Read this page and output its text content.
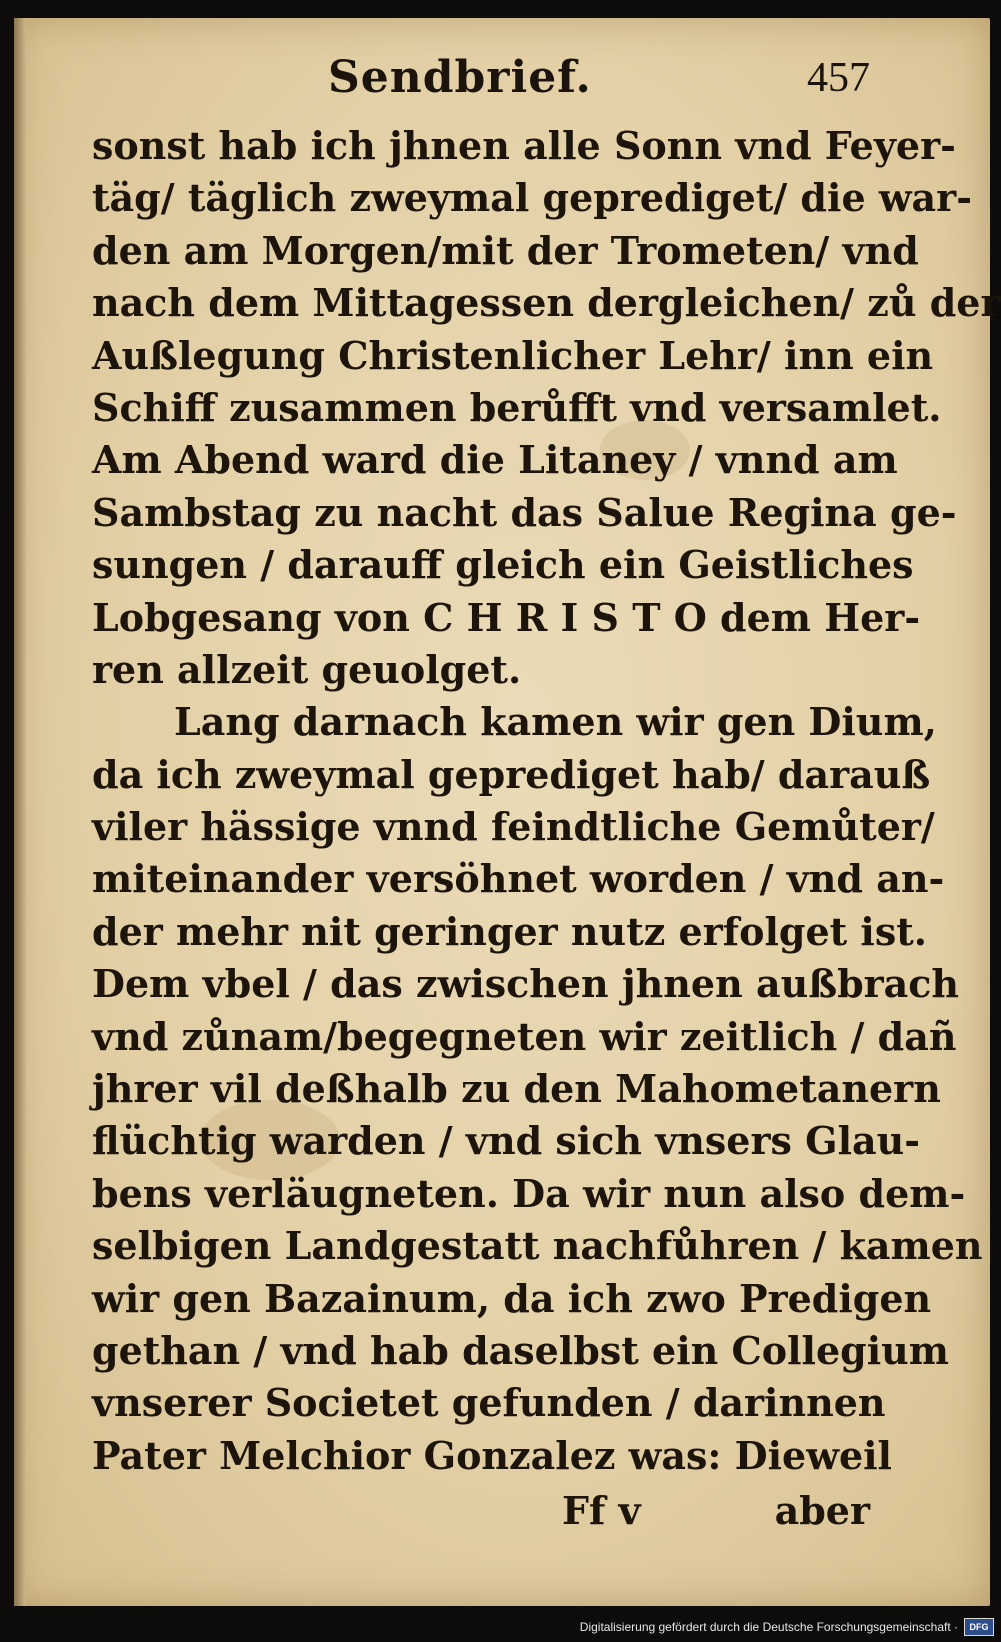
Sendbrief.	457
sonst hab ich jhnen alle Sonn vnd Feyer-
täg/ täglich zweymal geprediget/ die war-
den am Morgen/mit der Trometen/ vnd
nach dem Mittagessen dergleichen/ zů der
Außlegung Christenlicher Lehr/ inn ein
Schiff zusammen berůfft vnd versamlet.
Am Abend ward die Litaney / vnnd am
Sambstag zu nacht das Salue Regina ge-
sungen / darauff gleich ein Geistliches
Lobgesang von C H R I S T O dem Her-
ren allzeit geuolget.
Lang darnach kamen wir gen Dium,
da ich zweymal geprediget hab/ darauß
viler hässige vnnd feindtliche Gemůter/
miteinander versöhnet worden / vnd an-
der mehr nit geringer nutz erfolget ist.
Dem vbel / das zwischen jhnen außbrach
vnd zůnam/begegneten wir zeitlich / dañ
jhrer vil deßhalb zu den Mahometanern
flüchtig warden / vnd sich vnsers Glau-
bens verläugneten. Da wir nun also dem-
selbigen Landgestatt nachfůhren / kamen
wir gen Bazainum, da ich zwo Predigen
gethan / vnd hab daselbst ein Collegium
vnserer Societet gefunden / darinnen
Pater Melchior Gonzalez was: Dieweil
Ff v	aber
Digitalisierung gefördert durch die Deutsche Forschungsgemeinschaft ·	DFG
